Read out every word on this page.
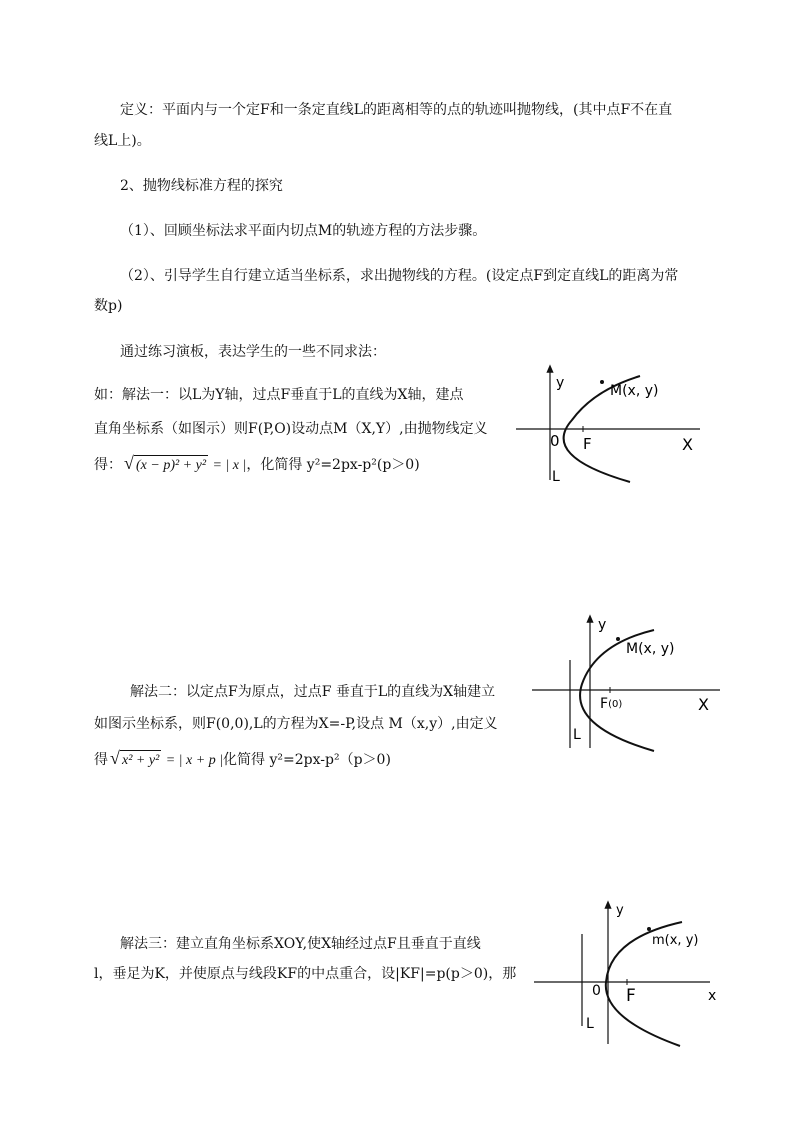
定义：平面内与一个定F和一条定直线L的距离相等的点的轨迹叫抛物线，(其中点F不在直
线L上)。
2、抛物线标准方程的探究
（1）、回顾坐标法求平面内切点M的轨迹方程的方法步骤。
（2）、引导学生自行建立适当坐标系，求出抛物线的方程。(设定点F到定直线L的距离为常
数p)
通过练习演板，表达学生的一些不同求法：
如：解法一：以L为Y轴，过点F垂直于L的直线为X轴，建点
直角坐标系（如图示）则F(P,O)设动点M（X,Y）,由抛物线定义
得： √ (x − p)² + y² = | x |，化简得 y²=2px-p²(p＞0)
解法二：以定点F为原点，过点F 垂直于L的直线为X轴建立
如图示坐标系，则F(0,0),L的方程为X=-P,设点 M（x,y）,由定义
得 √ x² + y² = | x + p |化简得 y²=2px-p²（p＞0)
解法三：建立直角坐标系XOY,使X轴经过点F且垂直于直线
l，垂足为K，并使原点与线段KF的中点重合，设|KF|=p(p＞0)，那
y	M(x, y)
0 F	X
L
y
M(x, y)
F(0)	X
L
y
m(x, y)
0 F	x
L
